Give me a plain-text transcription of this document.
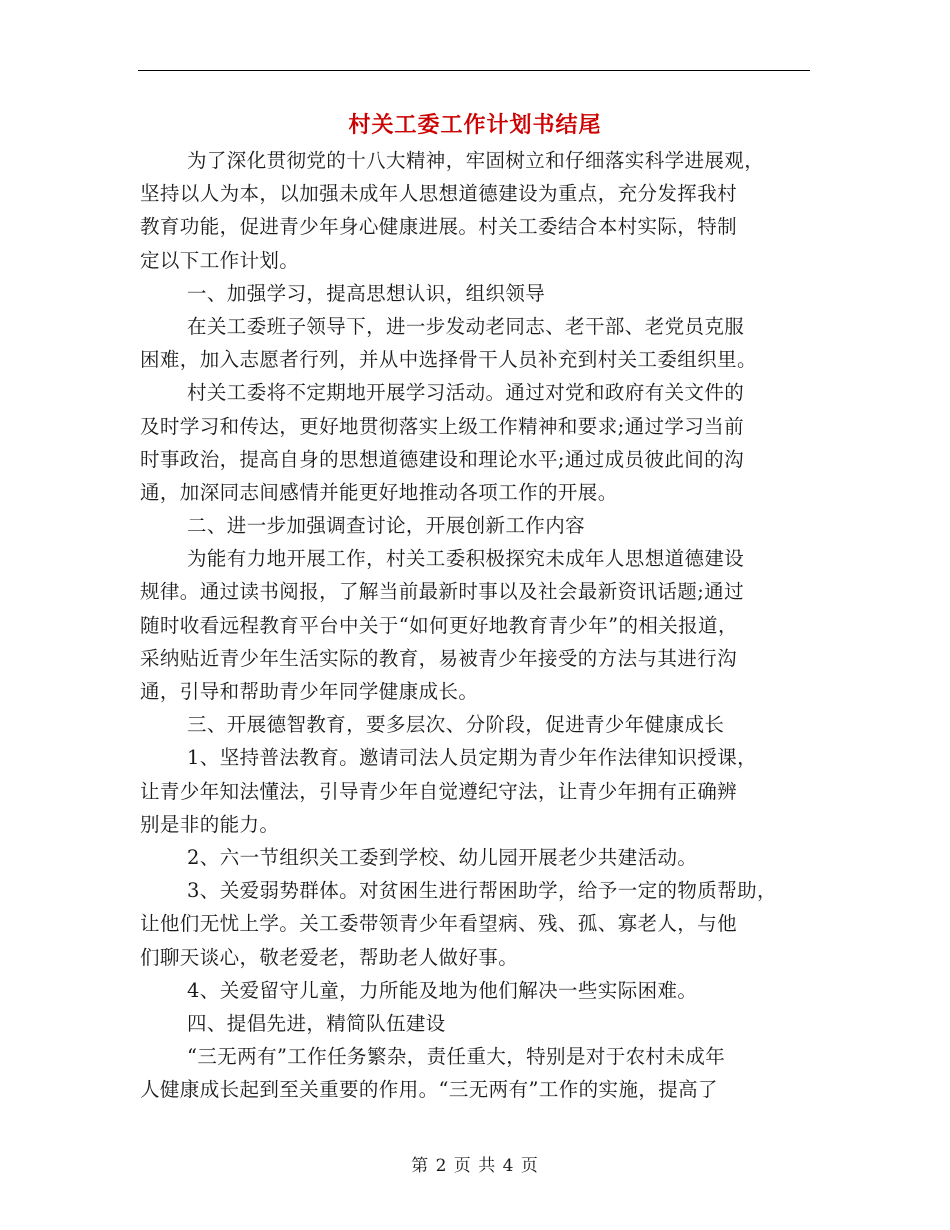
村关工委工作计划书结尾
为了深化贯彻党的十八大精神，牢固树立和仔细落实科学进展观，
坚持以人为本，以加强未成年人思想道德建设为重点，充分发挥我村
教育功能，促进青少年身心健康进展。村关工委结合本村实际，特制
定以下工作计划。
一、加强学习，提高思想认识，组织领导
在关工委班子领导下，进一步发动老同志、老干部、老党员克服
困难，加入志愿者行列，并从中选择骨干人员补充到村关工委组织里。
村关工委将不定期地开展学习活动。通过对党和政府有关文件的
及时学习和传达，更好地贯彻落实上级工作精神和要求;通过学习当前
时事政治，提高自身的思想道德建设和理论水平;通过成员彼此间的沟
通，加深同志间感情并能更好地推动各项工作的开展。
二、进一步加强调查讨论，开展创新工作内容
为能有力地开展工作，村关工委积极探究未成年人思想道德建设
规律。通过读书阅报，了解当前最新时事以及社会最新资讯话题;通过
随时收看远程教育平台中关于“如何更好地教育青少年”的相关报道，
采纳贴近青少年生活实际的教育，易被青少年接受的方法与其进行沟
通，引导和帮助青少年同学健康成长。
三、开展德智教育，要多层次、分阶段，促进青少年健康成长
1、坚持普法教育。邀请司法人员定期为青少年作法律知识授课，
让青少年知法懂法，引导青少年自觉遵纪守法，让青少年拥有正确辨
别是非的能力。
2、六一节组织关工委到学校、幼儿园开展老少共建活动。
3、关爱弱势群体。对贫困生进行帮困助学，给予一定的物质帮助，
让他们无忧上学。关工委带领青少年看望病、残、孤、寡老人，与他
们聊天谈心，敬老爱老，帮助老人做好事。
4、关爱留守儿童，力所能及地为他们解决一些实际困难。
四、提倡先进，精简队伍建设
“三无两有”工作任务繁杂，责任重大，特别是对于农村未成年
人健康成长起到至关重要的作用。“三无两有”工作的实施，提高了
第 2 页 共 4 页
